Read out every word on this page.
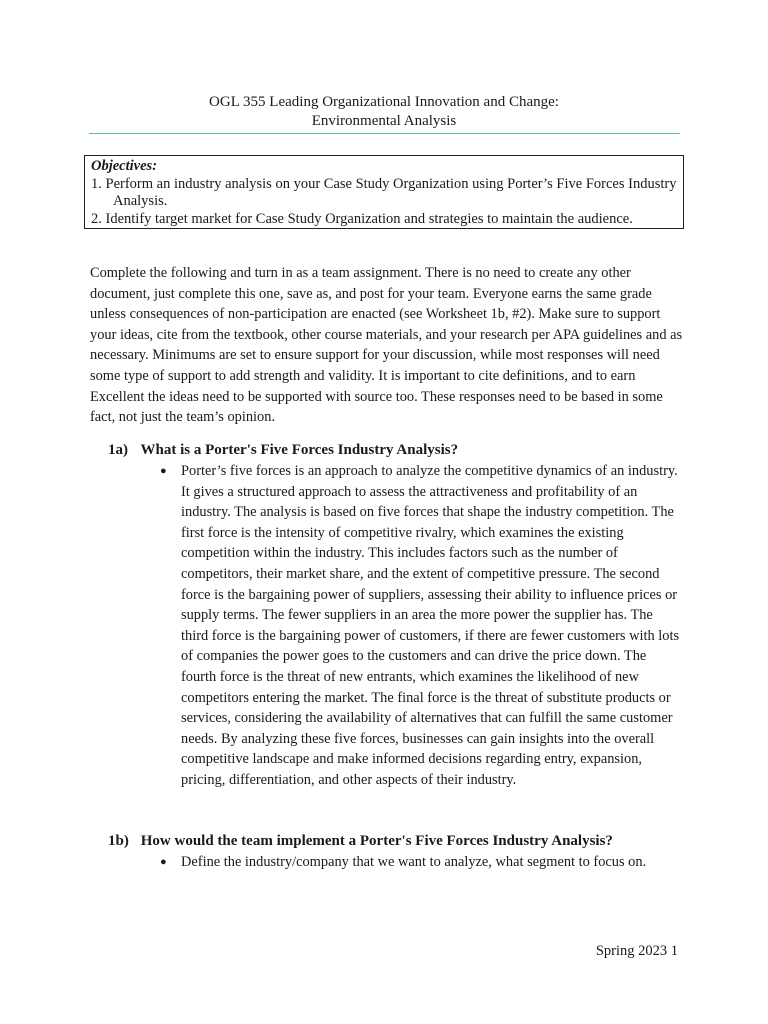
OGL 355 Leading Organizational Innovation and Change:
Environmental Analysis
Objectives:
1. Perform an industry analysis on your Case Study Organization using Porter’s Five Forces Industry Analysis.
2. Identify target market for Case Study Organization and strategies to maintain the audience.
Complete the following and turn in as a team assignment. There is no need to create any other document, just complete this one, save as, and post for your team. Everyone earns the same grade unless consequences of non-participation are enacted (see Worksheet 1b, #2). Make sure to support your ideas, cite from the textbook, other course materials, and your research per APA guidelines and as necessary. Minimums are set to ensure support for your discussion, while most responses will need some type of support to add strength and validity. It is important to cite definitions, and to earn Excellent the ideas need to be supported with source too. These responses need to be based in some fact, not just the team’s opinion.
1a) What is a Porter's Five Forces Industry Analysis?
● Porter’s five forces is an approach to analyze the competitive dynamics of an industry. It gives a structured approach to assess the attractiveness and profitability of an industry. The analysis is based on five forces that shape the industry competition. The first force is the intensity of competitive rivalry, which examines the existing competition within the industry. This includes factors such as the number of competitors, their market share, and the extent of competitive pressure. The second force is the bargaining power of suppliers, assessing their ability to influence prices or supply terms. The fewer suppliers in an area the more power the supplier has. The third force is the bargaining power of customers, if there are fewer customers with lots of companies the power goes to the customers and can drive the price down. The fourth force is the threat of new entrants, which examines the likelihood of new competitors entering the market. The final force is the threat of substitute products or services, considering the availability of alternatives that can fulfill the same customer needs. By analyzing these five forces, businesses can gain insights into the overall competitive landscape and make informed decisions regarding entry, expansion, pricing, differentiation, and other aspects of their industry.
1b) How would the team implement a Porter's Five Forces Industry Analysis?
● Define the industry/company that we want to analyze, what segment to focus on.
Spring 2023 1
